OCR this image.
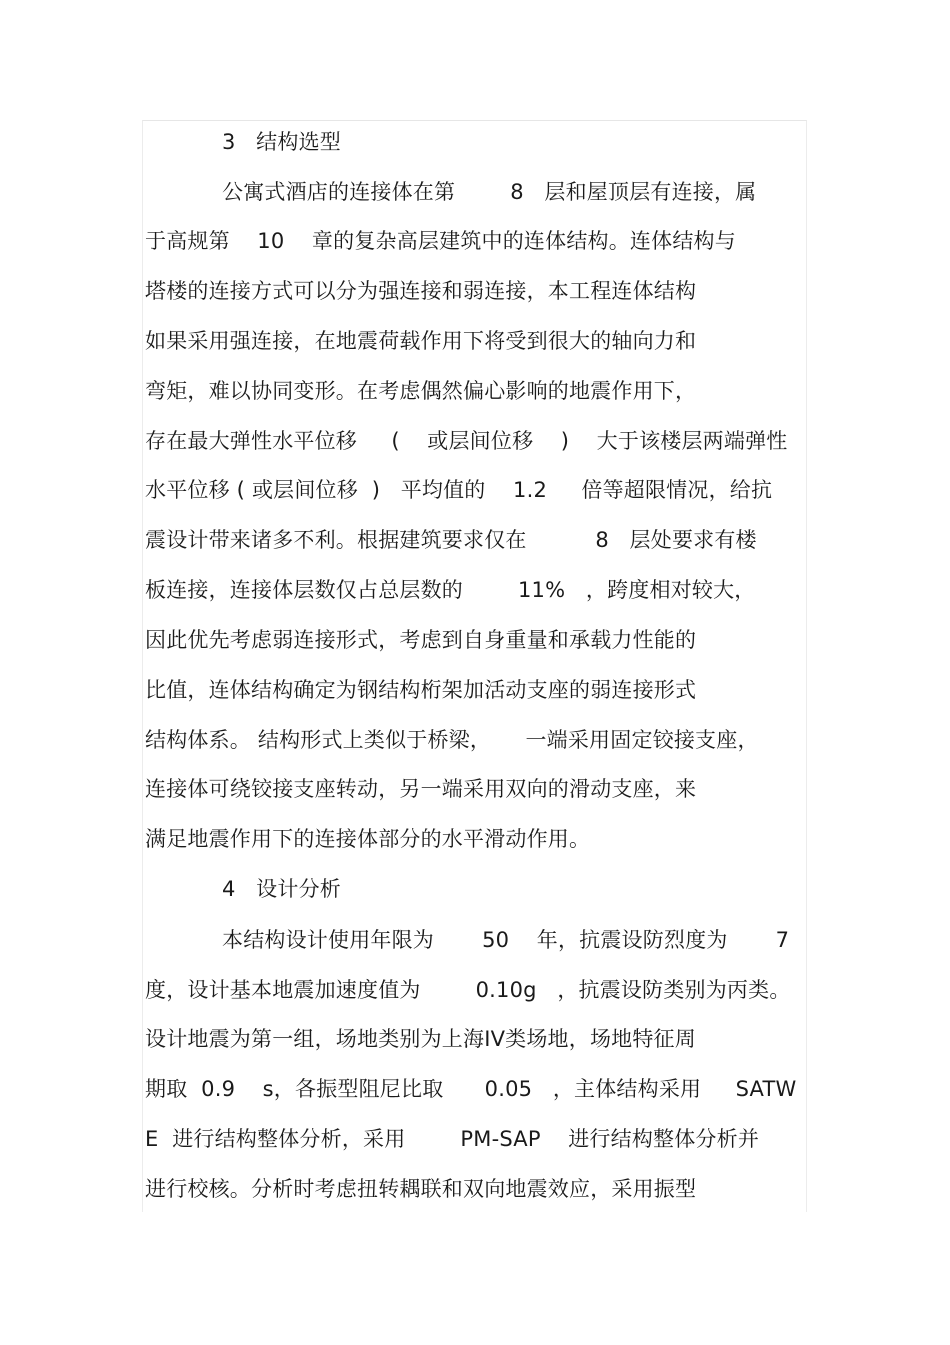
3   结构选型
公寓式酒店的连接体在第        8   层和屋顶层有连接，属
于高规第    10    章的复杂高层建筑中的连体结构。连体结构与
塔楼的连接方式可以分为强连接和弱连接，本工程连体结构
如果采用强连接，在地震荷载作用下将受到很大的轴向力和
弯矩，难以协同变形。在考虑偶然偏心影响的地震作用下，
存在最大弹性水平位移     (    或层间位移    )    大于该楼层两端弹性
水平位移 ( 或层间位移  )   平均值的    1.2     倍等超限情况，给抗
震设计带来诸多不利。根据建筑要求仅在          8   层处要求有楼
板连接，连接体层数仅占总层数的        11%   ，跨度相对较大，
因此优先考虑弱连接形式，考虑到自身重量和承载力性能的
比值，连体结构确定为钢结构桁架加活动支座的弱连接形式
结构体系。 结构形式上类似于桥梁，     一端采用固定铰接支座，
连接体可绕铰接支座转动，另一端采用双向的滑动支座，来
满足地震作用下的连接体部分的水平滑动作用。
4   设计分析
本结构设计使用年限为       50    年，抗震设防烈度为       7
度，设计基本地震加速度值为        0.10g   ，抗震设防类别为丙类。
设计地震为第一组，场地类别为上海IV类场地，场地特征周
期取  0.9    s，各振型阻尼比取      0.05   ，主体结构采用     SATW
E  进行结构整体分析，采用        PM-SAP    进行结构整体分析并
进行校核。分析时考虑扭转耦联和双向地震效应，采用振型
